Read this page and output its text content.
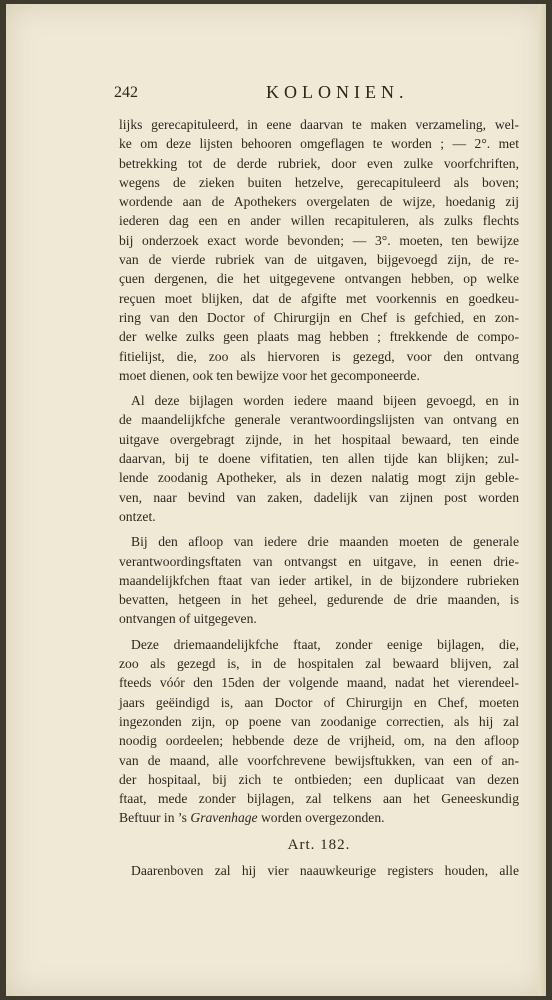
242	KOLONIEN.
lijks gerecapituleerd, in eene daarvan te maken verzameling, wel-
ke om deze lijsten behooren omgeflagen te worden ; — 2°. met
betrekking tot de derde rubriek, door even zulke voorfchriften,
wegens de zieken buiten hetzelve, gerecapituleerd als boven;
wordende aan de Apothekers overgelaten de wijze, hoedanig zij
iederen dag een en ander willen recapituleren, als zulks flechts
bij onderzoek exact worde bevonden; — 3°. moeten, ten bewijze
van de vierde rubriek van de uitgaven, bijgevoegd zijn, de re-
çuen dergenen, die het uitgegevene ontvangen hebben, op welke
reçuen moet blijken, dat de afgifte met voorkennis en goedkeu-
ring van den Doctor of Chirurgijn en Chef is gefchied, en zon-
der welke zulks geen plaats mag hebben ; ftrekkende de compo-
fitielijst, die, zoo als hiervoren is gezegd, voor den ontvang
moet dienen, ook ten bewijze voor het gecomponeerde.
Al deze bijlagen worden iedere maand bijeen gevoegd, en in
de maandelijkfche generale verantwoordingslijsten van ontvang en
uitgave overgebragt zijnde, in het hospitaal bewaard, ten einde
daarvan, bij te doene vifitatien, ten allen tijde kan blijken; zul-
lende zoodanig Apotheker, als in dezen nalatig mogt zijn geble-
ven, naar bevind van zaken, dadelijk van zijnen post worden
ontzet.
Bij den afloop van iedere drie maanden moeten de generale
verantwoordingsftaten van ontvangst en uitgave, in eenen drie-
maandelijkfchen ftaat van ieder artikel, in de bijzondere rubrieken
bevatten, hetgeen in het geheel, gedurende de drie maanden, is
ontvangen of uitgegeven.
Deze driemaandelijkfche ftaat, zonder eenige bijlagen, die,
zoo als gezegd is, in de hospitalen zal bewaard blijven, zal
fteeds vóór den 15den der volgende maand, nadat het vierendeel-
jaars geëindigd is, aan Doctor of Chirurgijn en Chef, moeten
ingezonden zijn, op poene van zoodanige correctien, als hij zal
noodig oordeelen; hebbende deze de vrijheid, om, na den afloop
van de maand, alle voorfchrevene bewijsftukken, van een of an-
der hospitaal, bij zich te ontbieden; een duplicaat van dezen
ftaat, mede zonder bijlagen, zal telkens aan het Geneeskundig
Beftuur in ’s Gravenhage worden overgezonden.
Art. 182.
Daarenboven zal hij vier naauwkeurige registers houden, alle
